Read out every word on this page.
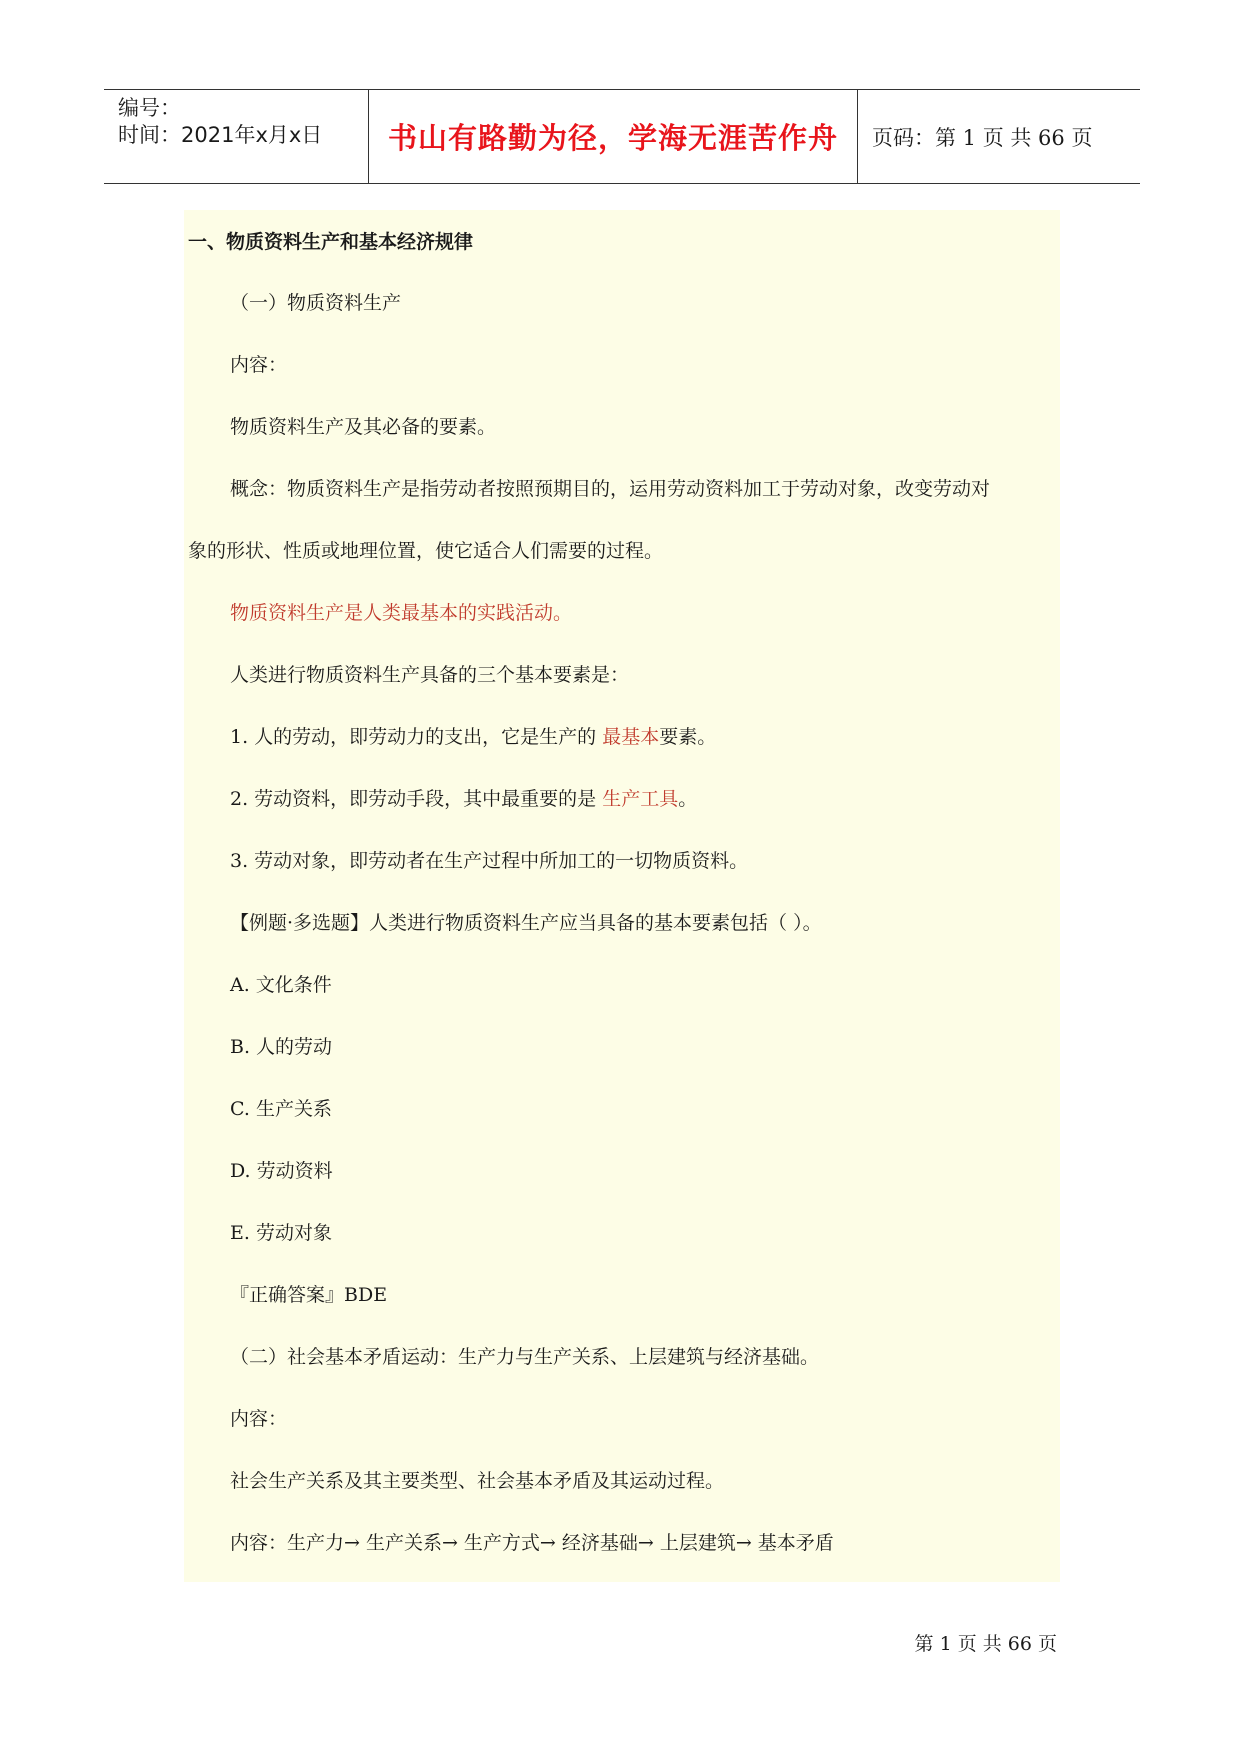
编号：
时间：2021年x月x日	书山有路勤为径，学海无涯苦作舟 页码：第 1 页 共 66 页
一、物质资料生产和基本经济规律
（一）物质资料生产
内容：
物质资料生产及其必备的要素。
概念：物质资料生产是指劳动者按照预期目的，运用劳动资料加工于劳动对象，改变劳动对
象的形状、性质或地理位置，使它适合人们需要的过程。
物质资料生产是人类最基本的实践活动。
人类进行物质资料生产具备的三个基本要素是：
1. 人的劳动，即劳动力的支出，它是生产的 最基本要素。
2. 劳动资料，即劳动手段，其中最重要的是 生产工具。
3. 劳动对象，即劳动者在生产过程中所加工的一切物质资料。
【例题·多选题】人类进行物质资料生产应当具备的基本要素包括（ ）。
A. 文化条件
B. 人的劳动
C. 生产关系
D. 劳动资料
E. 劳动对象
『正确答案』BDE
（二）社会基本矛盾运动：生产力与生产关系、上层建筑与经济基础。
内容：
社会生产关系及其主要类型、社会基本矛盾及其运动过程。
内容：生产力→ 生产关系→ 生产方式→ 经济基础→ 上层建筑→ 基本矛盾
第 1 页 共 66 页
